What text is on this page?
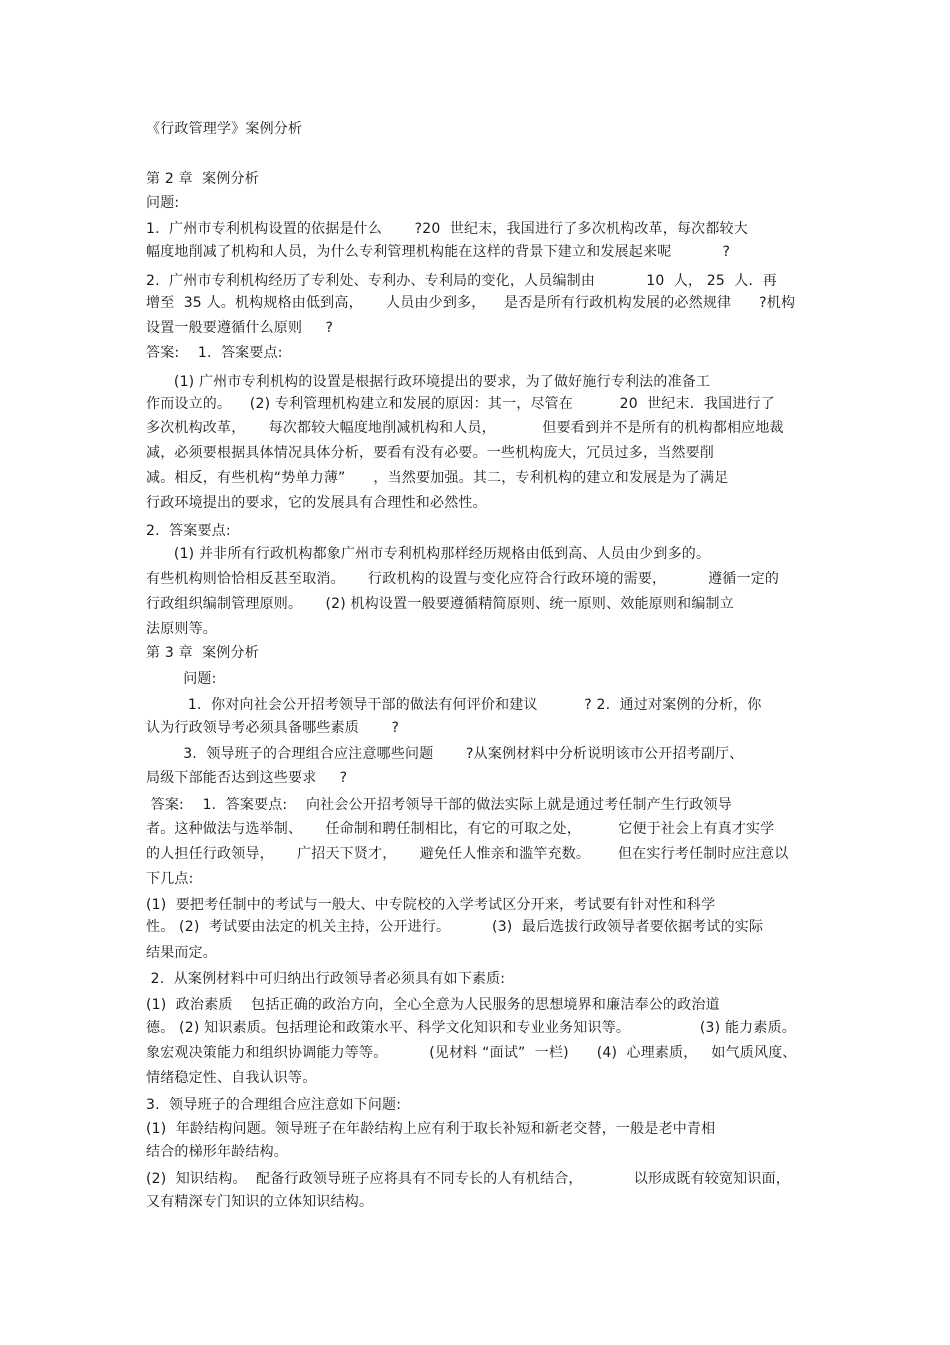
《行政管理学》案例分析
第 2 章  案例分析
问题:
1.  广州市专利机构设置的依据是什么       ?20  世纪末，我国进行了多次机构改革，每次都较大
幅度地削减了机构和人员，为什么专利管理机构能在这样的背景下建立和发展起来呢           ?
2.  广州市专利机构经历了专利处、专利办、专利局的变化，人员编制由           10  人， 25  人．再
增至  35 人。机构规格由低到高，     人员由少到多，    是否是所有行政机构发展的必然规律      ?机构
设置一般要遵循什么原则     ?
答案:    1.  答案要点:
(1) 广州市专利机构的设置是根据行政环境提出的要求，为了做好施行专利法的准备工
作而设立的。    (2) 专利管理机构建立和发展的原因：其一，尽管在          20  世纪末．我国进行了
多次机构改革，     每次都较大幅度地削减机构和人员，          但要看到并不是所有的机构都相应地裁
减，必须要根据具体情况具体分析，要看有没有必要。一些机构庞大，冗员过多，当然要削
减。相反，有些机构“势单力薄”      ，当然要加强。其二，专利机构的建立和发展是为了满足
行政环境提出的要求，它的发展具有合理性和必然性。
2.  答案要点:
(1) 并非所有行政机构都象广州市专利机构那样经历规格由低到高、人员由少到多的。
有些机构则恰恰相反甚至取消。     行政机构的设置与变化应符合行政环境的需要，         遵循一定的
行政组织编制管理原则。     (2) 机构设置一般要遵循精简原则、统一原则、效能原则和编制立
法原则等。
第 3 章  案例分析
问题:
1．你对向社会公开招考领导干部的做法有何评价和建议          ? 2.  通过对案例的分析，你
认为行政领导考必须具备哪些素质       ?
3.  领导班子的合理组合应注意哪些问题       ?从案例材料中分析说明该市公开招考副厅、
局级下部能否达到这些要求     ?
答案:    1.  答案要点:    向社会公开招考领导干部的做法实际上就是通过考任制产生行政领导
者。这种做法与选举制、     任命制和聘任制相比，有它的可取之处，        它便于社会上有真才实学
的人担任行政领导，     广招天下贤才，     避免任人惟亲和滥竿充数。      但在实行考任制时应注意以
下几点:
(1)  要把考任制中的考试与一般大、中专院校的入学考试区分开来，考试要有针对性和科学
性。 (2)  考试要由法定的机关主持，公开进行。         (3)  最后选拔行政领导者要依据考试的实际
结果而定。
2.  从案例材料中可归纳出行政领导者必须具有如下素质:
(1)  政治素质    包括正确的政治方向，全心全意为人民服务的思想境界和廉洁奉公的政治道
德。 (2) 知识素质。包括理论和政策水平、科学文化知识和专业业务知识等。               (3) 能力素质。
象宏观决策能力和组织协调能力等等。         (见材料 “面试”  一栏)      (4)  心理素质，   如气质风度、
情绪稳定性、自我认识等。
3.  领导班子的合理组合应注意如下问题:
(1)  年龄结构问题。领导班子在年龄结构上应有利于取长补短和新老交替，一般是老中青相
结合的梯形年龄结构。
(2)  知识结构。  配备行政领导班子应将具有不同专长的人有机结合，           以形成既有较宽知识面，
又有精深专门知识的立体知识结构。
